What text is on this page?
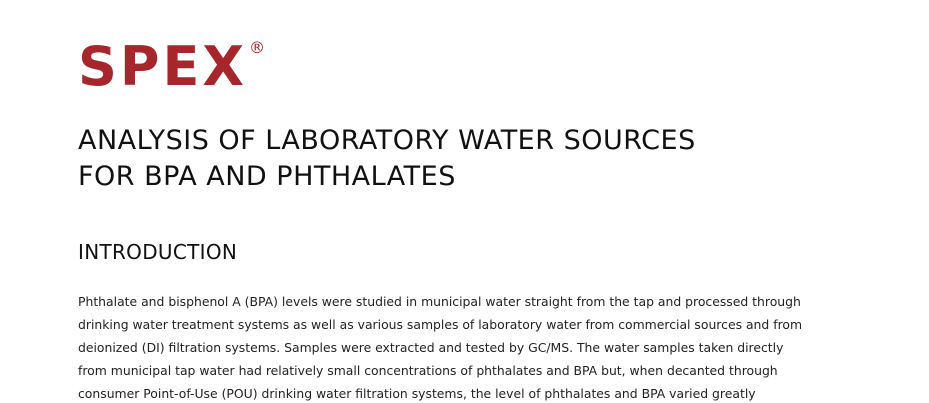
SPEX ®
ANALYSIS OF LABORATORY WATER SOURCES
FOR BPA AND PHTHALATES
INTRODUCTION

Phthalate and bisphenol A (BPA) levels were studied in municipal water straight from the tap and processed through
drinking water treatment systems as well as various samples of laboratory water from commercial sources and from
deionized (DI) filtration systems. Samples were extracted and tested by GC/MS. The water samples taken directly
from municipal tap water had relatively small concentrations of phthalates and BPA but, when decanted through
consumer Point-of-Use (POU) drinking water filtration systems, the level of phthalates and BPA varied greatly
